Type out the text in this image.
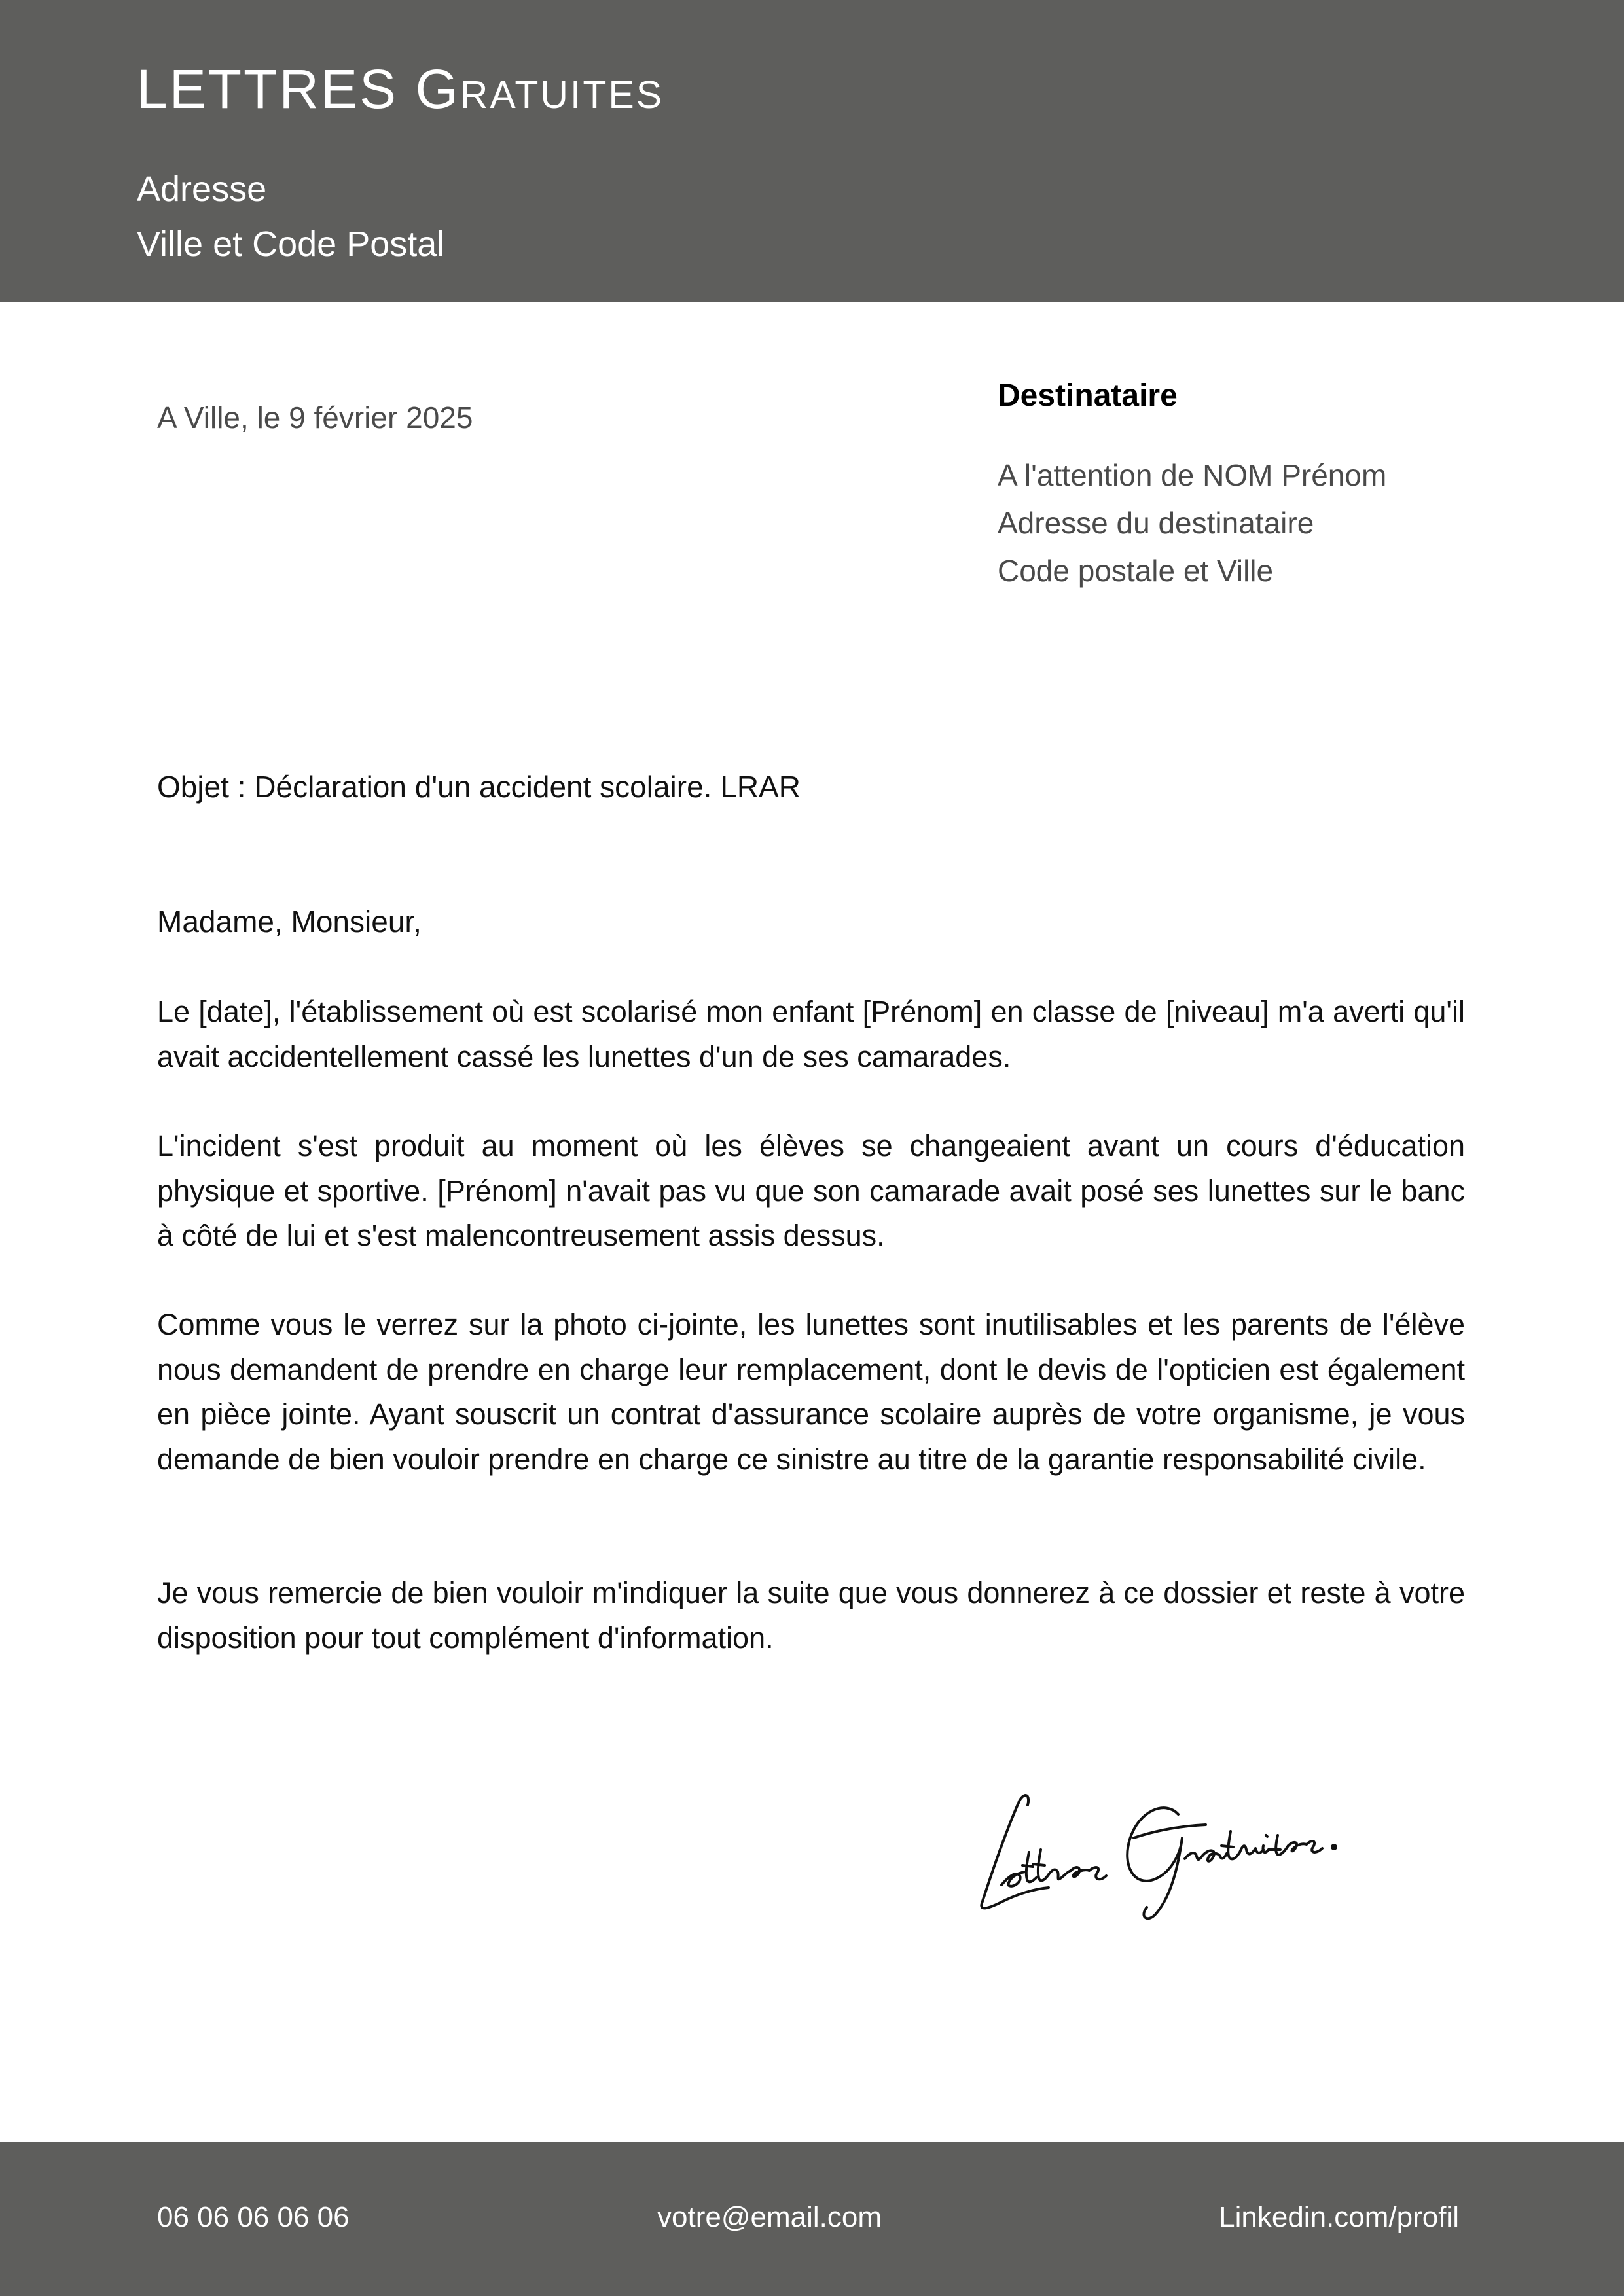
LETTRES Gratuites
Adresse
Ville et Code Postal
A Ville, le 9 février 2025
Destinataire
A l'attention de NOM Prénom
Adresse du destinataire
Code postale et Ville
Objet : Déclaration d'un accident scolaire. LRAR
Madame, Monsieur,

Le [date], l'établissement où est scolarisé mon enfant [Prénom] en classe de [niveau] m'a averti qu'il avait accidentellement cassé les lunettes d'un de ses camarades.

L'incident s'est produit au moment où les élèves se changeaient avant un cours d'éducation physique et sportive. [Prénom] n'avait pas vu que son camarade avait posé ses lunettes sur le banc à côté de lui et s'est malencontreusement assis dessus.

Comme vous le verrez sur la photo ci-jointe, les lunettes sont inutilisables et les parents de l'élève nous demandent de prendre en charge leur remplacement, dont le devis de l'opticien est également en pièce jointe. Ayant souscrit un contrat d'assurance scolaire auprès de votre organisme, je vous demande de bien vouloir prendre en charge ce sinistre au titre de la garantie responsabilité civile.

Je vous remercie de bien vouloir m'indiquer la suite que vous donnerez à ce dossier et reste à votre disposition pour tout complément d'information.

06 06 06 06 06	votre@email.com	Linkedin.com/profil
